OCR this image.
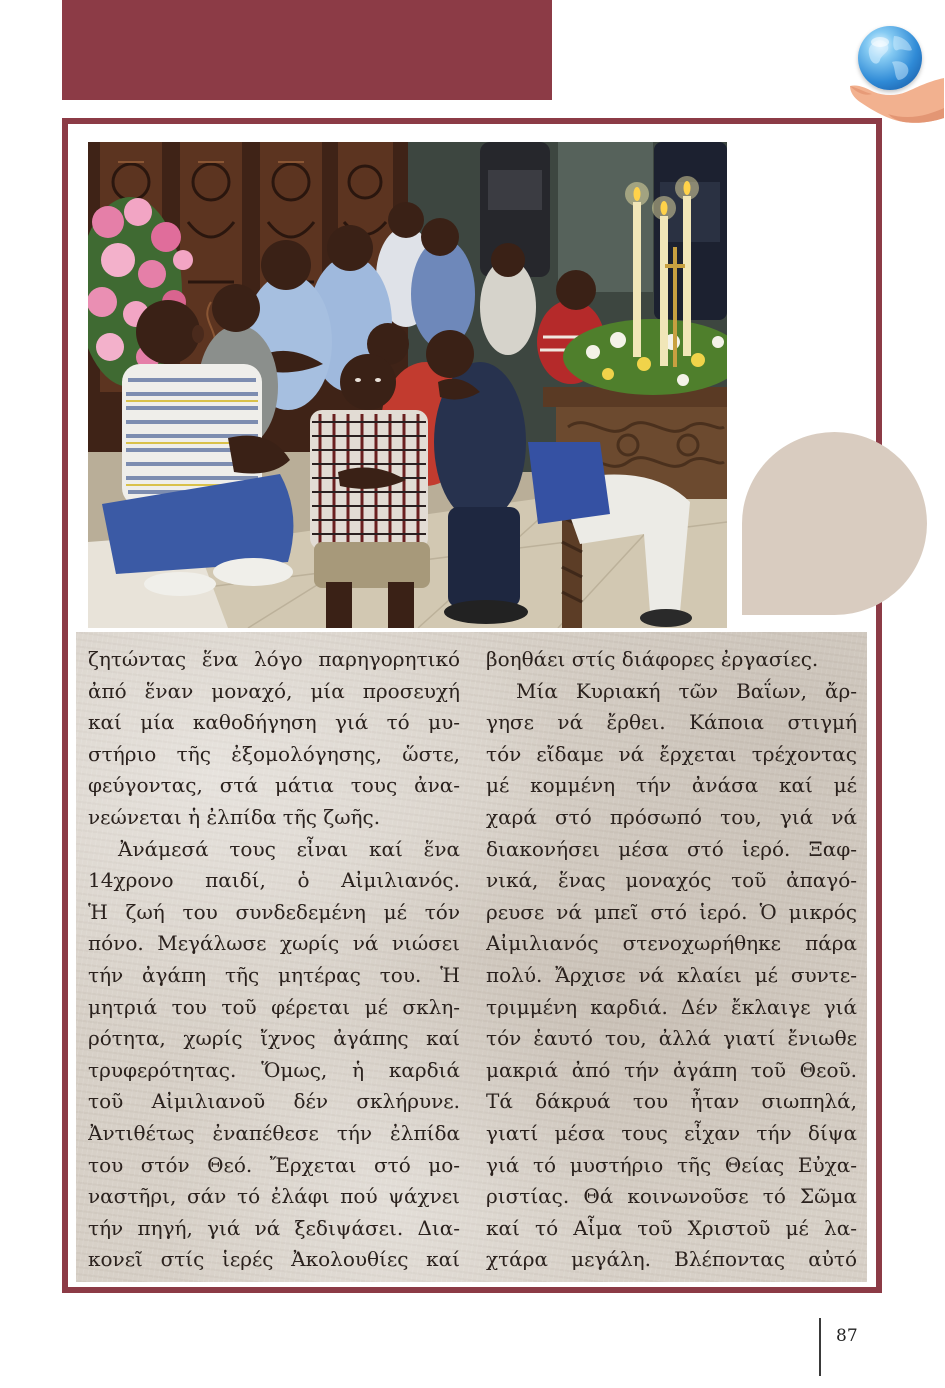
ζητώντας ἕνα λόγο παρηγορητικό
ἀπό ἕναν μοναχό, μία προσευχή
καί μία καθοδήγηση γιά τό μυ-
στήριο τῆς ἐξομολόγησης, ὥστε,
φεύγοντας, στά μάτια τους ἀνα-
νεώνεται ἡ ἐλπίδα τῆς ζωῆς.
Ἀνάμεσά τους εἶναι καί ἕνα
14χρονο παιδί, ὁ Αἰμιλιανός.
Ἡ ζωή του συνδεδεμένη μέ τόν
πόνο. Μεγάλωσε χωρίς νά νιώσει
τήν ἀγάπη τῆς μητέρας του. Ἡ
μητριά του τοῦ φέρεται μέ σκλη-
ρότητα, χωρίς ἴχνος ἀγάπης καί
τρυφερότητας. Ὅμως, ἡ καρδιά
τοῦ Αἰμιλιανοῦ δέν σκλήρυνε.
Ἀντιθέτως ἐναπέθεσε τήν ἐλπίδα
του στόν Θεό. Ἔρχεται στό μο-
ναστῆρι, σάν τό ἐλάφι πού ψάχνει
τήν πηγή, γιά νά ξεδιψάσει. Δια-
κονεῖ στίς ἱερές Ἀκολουθίες καί
βοηθάει στίς διάφορες ἐργασίες.
Μία Κυριακή τῶν Βαΐων, ἄρ-
γησε νά ἔρθει. Κάποια στιγμή
τόν εἴδαμε νά ἔρχεται τρέχοντας
μέ κομμένη τήν ἀνάσα καί μέ
χαρά στό πρόσωπό του, γιά νά
διακονήσει μέσα στό ἱερό. Ξαφ-
νικά, ἕνας μοναχός τοῦ ἀπαγό-
ρευσε νά μπεῖ στό ἱερό. Ὁ μικρός
Αἰμιλιανός στενοχωρήθηκε πάρα
πολύ. Ἄρχισε νά κλαίει μέ συντε-
τριμμένη καρδιά. Δέν ἔκλαιγε γιά
τόν ἑαυτό του, ἀλλά γιατί ἔνιωθε
μακριά ἀπό τήν ἀγάπη τοῦ Θεοῦ.
Τά δάκρυά του ἦταν σιωπηλά,
γιατί μέσα τους εἶχαν τήν δίψα
γιά τό μυστήριο τῆς Θείας Εὐχα-
ριστίας. Θά κοινωνοῦσε τό Σῶμα
καί τό Αἷμα τοῦ Χριστοῦ μέ λα-
χτάρα μεγάλη. Βλέποντας αὐτό
87
